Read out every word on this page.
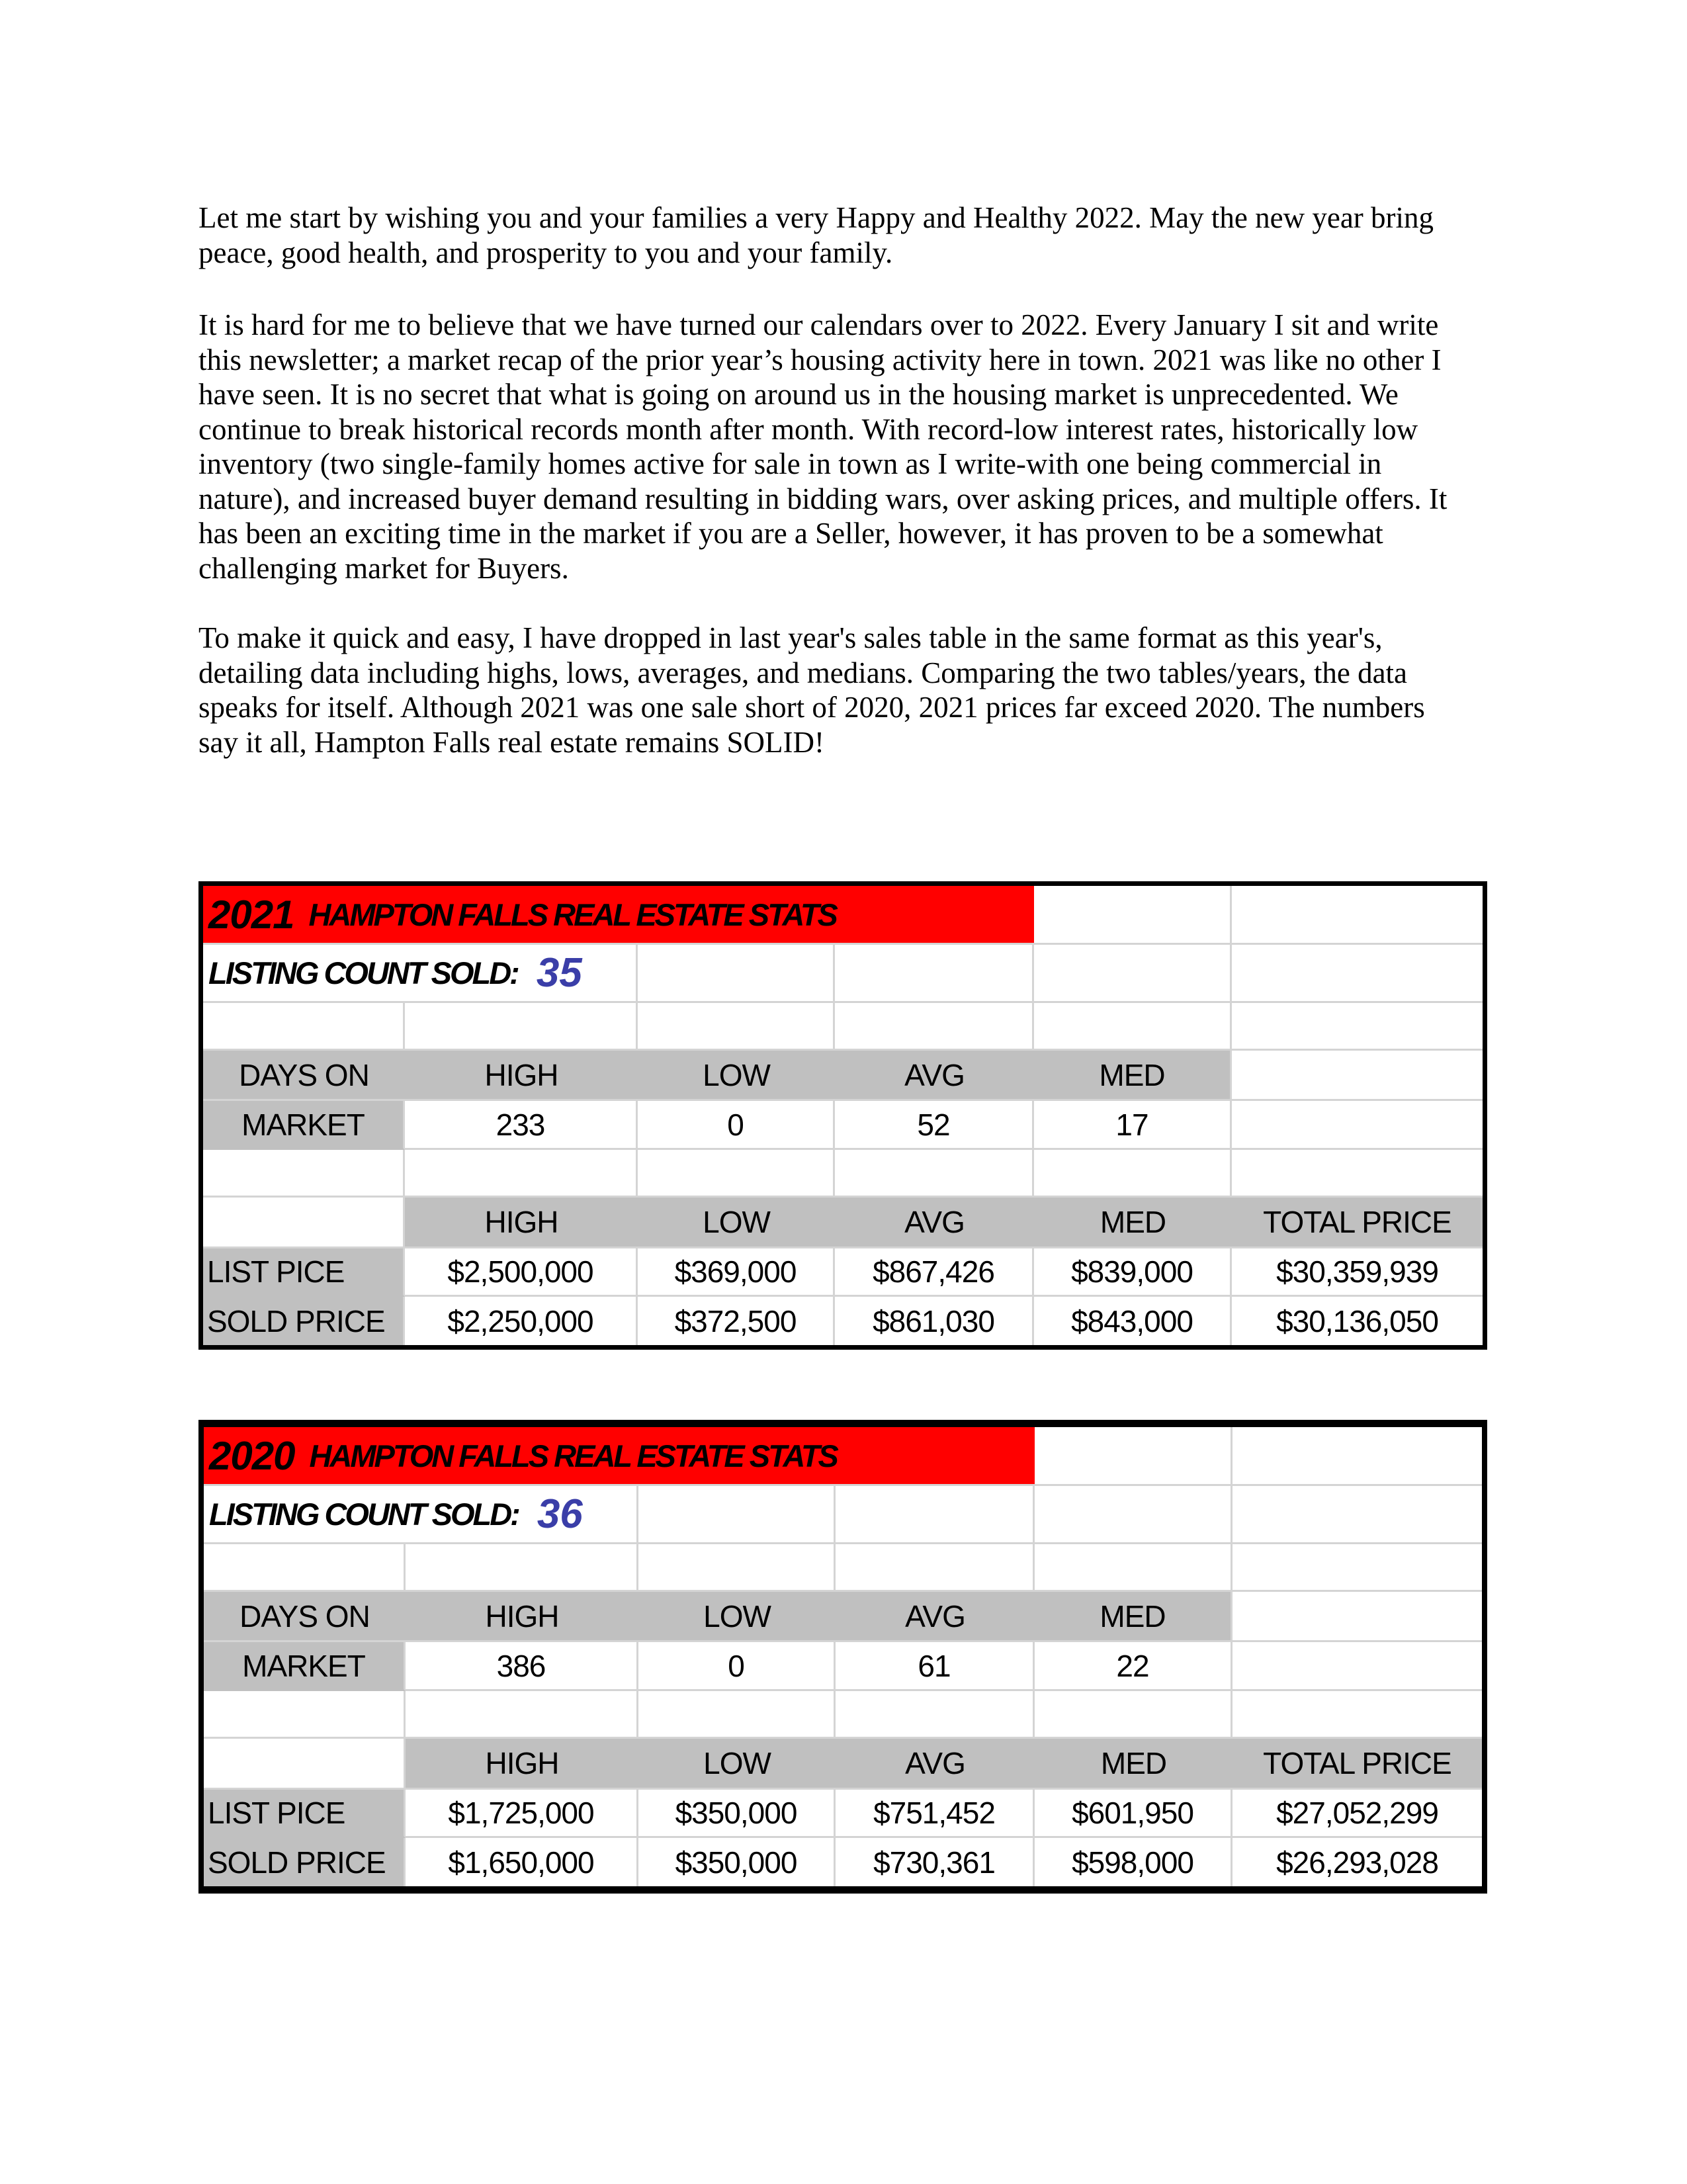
Let me start by wishing you and your families a very Happy and Healthy 2022. May the new year bring
peace, good health, and prosperity to you and your family.
It is hard for me to believe that we have turned our calendars over to 2022. Every January I sit and write
this newsletter; a market recap of the prior year’s housing activity here in town. 2021 was like no other I
have seen. It is no secret that what is going on around us in the housing market is unprecedented. We
continue to break historical records month after month. With record-low interest rates, historically low
inventory (two single-family homes active for sale in town as I write-with one being commercial in
nature), and increased buyer demand resulting in bidding wars, over asking prices, and multiple offers. It
has been an exciting time in the market if you are a Seller, however, it has proven to be a somewhat
challenging market for Buyers.
To make it quick and easy, I have dropped in last year's sales table in the same format as this year's,
detailing data including highs, lows, averages, and medians. Comparing the two tables/years, the data
speaks for itself. Although 2021 was one sale short of 2020, 2021 prices far exceed 2020. The numbers
say it all, Hampton Falls real estate remains SOLID!
2021 HAMPTON FALLS REAL ESTATE STATS
LISTING COUNT SOLD: 35
DAYS ON	HIGH	LOW	AVG	MED
MARKET	233	0	52	17
HIGH	LOW	AVG	MED	TOTAL PRICE
LIST PICE	$2,500,000	$369,000	$867,426	$839,000	$30,359,939
SOLD PRICE	$2,250,000	$372,500	$861,030	$843,000	$30,136,050
2020 HAMPTON FALLS REAL ESTATE STATS
LISTING COUNT SOLD: 36
DAYS ON	HIGH	LOW	AVG	MED
MARKET	386	0	61	22
HIGH	LOW	AVG	MED	TOTAL PRICE
LIST PICE	$1,725,000	$350,000	$751,452	$601,950	$27,052,299
SOLD PRICE	$1,650,000	$350,000	$730,361	$598,000	$26,293,028
